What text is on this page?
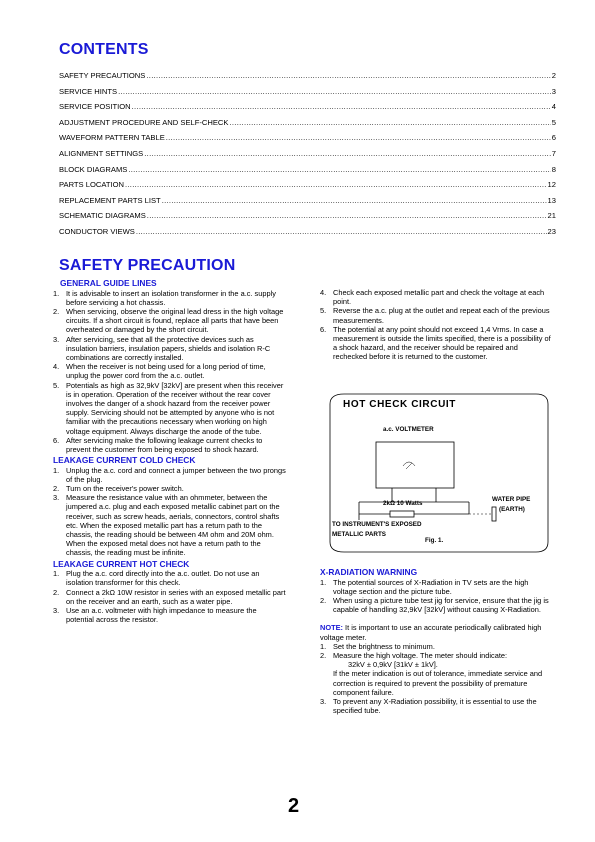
CONTENTS
SAFETY PRECAUTIONS .....	2
SERVICE HINTS .....	3
SERVICE POSITION .....	4
ADJUSTMENT PROCEDURE AND SELF-CHECK .....	5
WAVEFORM PATTERN TABLE .....	6
ALIGNMENT SETTINGS .....	7
BLOCK DIAGRAMS .....	8
PARTS LOCATION .....	12
REPLACEMENT PARTS LIST .....	13
SCHEMATIC DIAGRAMS .....	21
CONDUCTOR VIEWS .....	23
SAFETY PRECAUTION
GENERAL GUIDE LINES
1. It is advisable to insert an isolation transformer in the a.c. supply before servicing a hot chassis.
2. When servicing, observe the original lead dress in the high voltage circuits. If a short circuit is found, replace all parts that have been overheated or damaged by the short circuit.
3. After servicing, see that all the protective devices such as insulation barriers, insulation papers, shields and isolation R-C combinations are correctly installed.
4. When the receiver is not being used for a long period of time, unplug the power cord from the a.c. outlet.
5. Potentials as high as 32,9kV [32kV] are present when this receiver is in operation. Operation of the receiver without the rear cover involves the danger of a shock hazard from the receiver power supply. Servicing should not be attempted by anyone who is not familiar with the precautions necessary when working on high voltage equipment. Always discharge the anode of the tube.
6. After servicing make the following leakage current checks to prevent the customer from being exposed to shock hazard.
LEAKAGE CURRENT COLD CHECK
1. Unplug the a.c. cord and connect a jumper between the two prongs of the plug.
2. Turn on the receiver's power switch.
3. Measure the resistance value with an ohmmeter, between the jumpered a.c. plug and each exposed metallic cabinet part on the receiver, such as screw heads, aerials, connectors, control shafts etc. When the exposed metallic part has a return path to the chassis, the reading should be between 4M ohm and 20M ohm. When the exposed metal does not have a return path to the chassis, the reading must be infinite.
LEAKAGE CURRENT HOT CHECK
1. Plug the a.c. cord directly into the a.c. outlet. Do not use an isolation transformer for this check.
2. Connect a 2kΩ 10W resistor in series with an exposed metallic part on the receiver and an earth, such as a water pipe.
3. Use an a.c. voltmeter with high impedance to measure the potential across the resistor.
4. Check each exposed metallic part and check the voltage at each point.
5. Reverse the a.c. plug at the outlet and repeat each of the previous measurements.
6. The potential at any point should not exceed 1,4 Vrms. In case a measurement is outside the limits specified, there is a possibility of a shock hazard, and the receiver should be repaired and rechecked before it is returned to the customer.
HOT CHECK CIRCUIT
a.c. VOLTMETER
2kΩ 10 Watts
WATER PIPE
(EARTH)
TO INSTRUMENT'S EXPOSED
METALLIC PARTS
Fig. 1.
X-RADIATION WARNING
1. The potential sources of X-Radiation in TV sets are the high voltage section and the picture tube.
2. When using a picture tube test jig for service, ensure that the jig is capable of handling 32,9kV [32kV] without causing X-Radiation.
NOTE: It is important to use an accurate periodically calibrated high voltage meter.
1. Set the brightness to minimum.
2. Measure the high voltage. The meter should indicate:
32kV ± 0,9kV [31kV ± 1kV].
If the meter indication is out of tolerance, immediate service and correction is required to prevent the possibility of premature component failure.
3. To prevent any X-Radiation possibility, it is essential to use the specified tube.
2
